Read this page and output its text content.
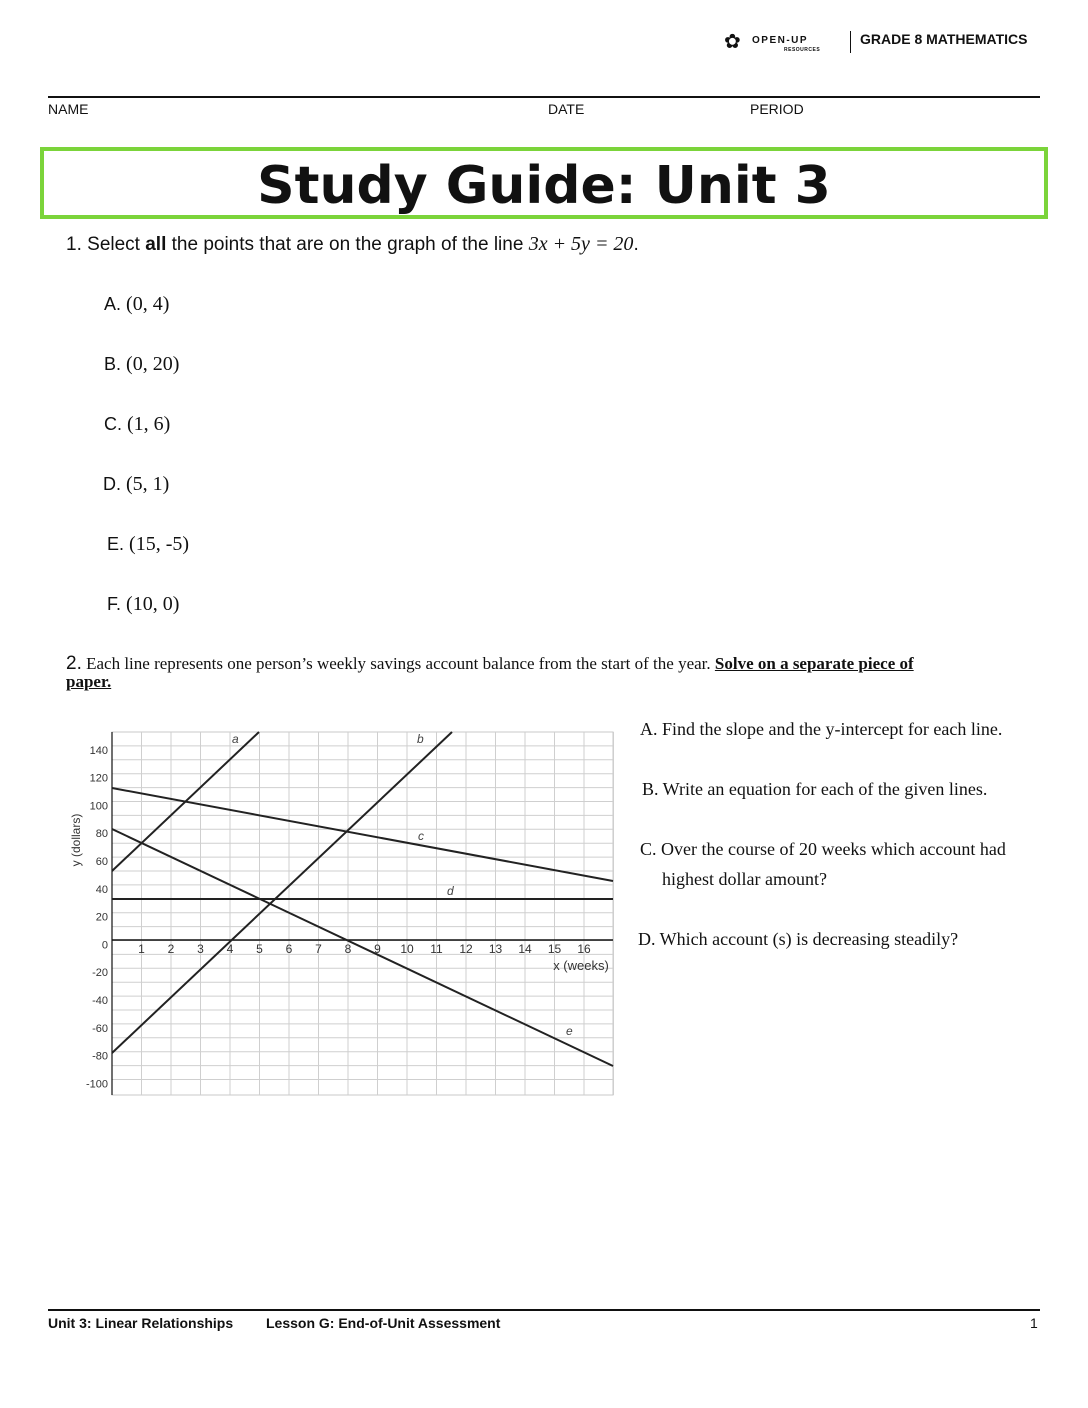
✿ OPEN-UP
RESOURCES
GRADE 8 MATHEMATICS
NAME	DATE	PERIOD
Study Guide: Unit 3
1. Select all the points that are on the graph of the line 3x + 5y = 20.
A. (0, 4)
B. (0, 20)
C. (1, 6)
D. (5, 1)
E. (15, -5)
F. (10, 0)
2. Each line represents one person’s weekly savings account balance from the start of the year. Solve on a separate piece of paper.
1 2 3 4 5 6 7 8 9 10 11 12 13 14 15 16
140
120
100
80
60
40
20
0
-20
-40
-60
-80
-100
y (dollars)
x (weeks)
a	b
c
d
e
A. Find the slope and the y-intercept for each line.
B. Write an equation for each of the given lines.
C. Over the course of 20 weeks which account had
highest dollar amount?
D. Which account (s) is decreasing steadily?
Unit 3: Linear Relationships Lesson G: End-of-Unit Assessment	1
